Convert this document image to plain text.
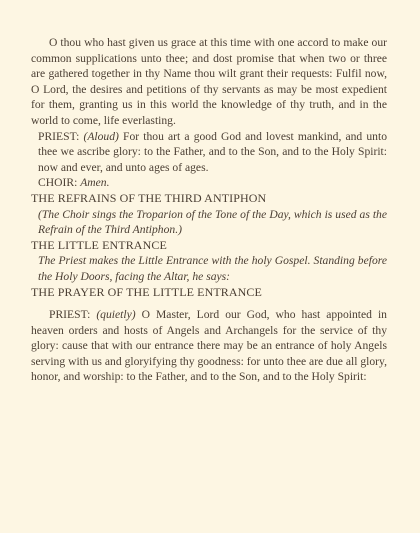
O thou who hast given us grace at this time with one accord to make our common supplications unto thee; and dost promise that when two or three are gathered together in thy Name thou wilt grant their requests: Fulfil now, O Lord, the desires and petitions of thy servants as may be most expedient for them, granting us in this world the knowledge of thy truth, and in the world to come, life everlasting.

PRIEST: (Aloud) For thou art a good God and lovest mankind, and unto thee we ascribe glory: to the Father, and to the Son, and to the Holy Spirit: now and ever, and unto ages of ages.

CHOIR: Amen.

THE REFRAINS OF THE THIRD ANTIPHON

(The Choir sings the Troparion of the Tone of the Day, which is used as the Refrain of the Third Antiphon.)

THE LITTLE ENTRANCE

The Priest makes the Little Entrance with the holy Gospel. Standing before the Holy Doors, facing the Altar, he says:

THE PRAYER OF THE LITTLE ENTRANCE

PRIEST: (quietly) O Master, Lord our God, who hast appointed in heaven orders and hosts of Angels and Archangels for the service of thy glory: cause that with our entrance there may be an entrance of holy Angels serving with us and gloryifying thy goodness: for unto thee are due all glory, honor, and worship: to the Father, and to the Son, and to the Holy Spirit:
